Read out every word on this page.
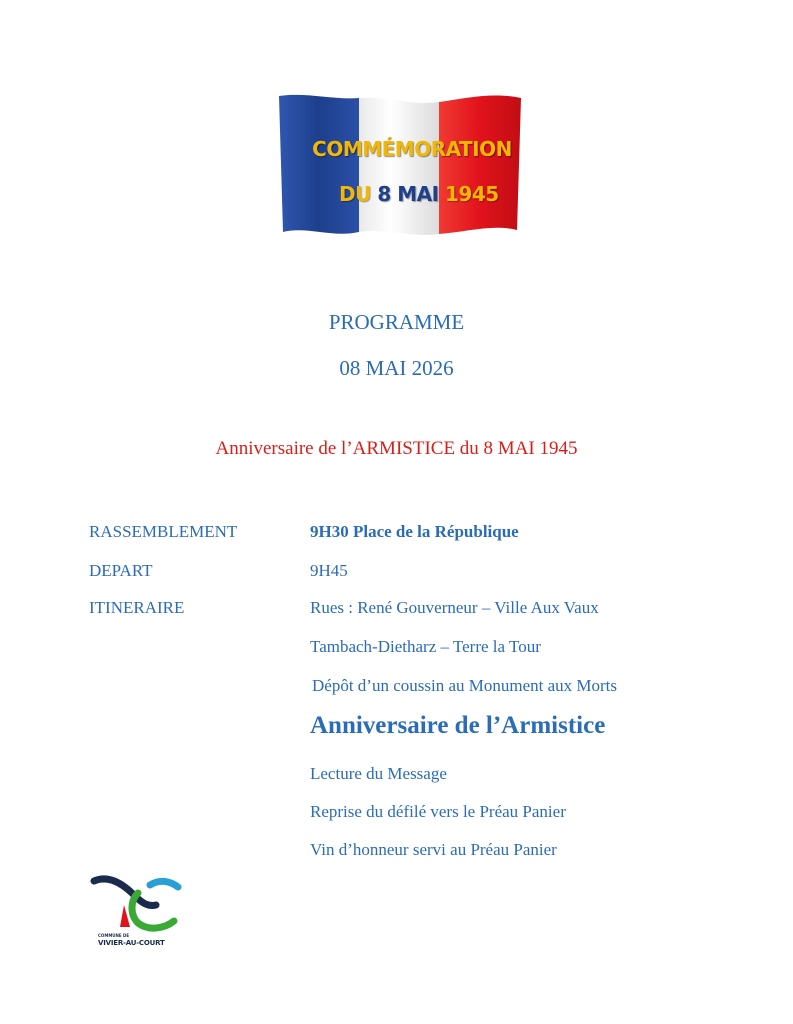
COMMÉMORATION
DU 8 MAI 1945
PROGRAMME
08 MAI 2026
Anniversaire de l’ARMISTICE du 8 MAI 1945
RASSEMBLEMENT	9H30 Place de la République
DEPART	9H45
ITINERAIRE	Rues : René Gouverneur – Ville Aux Vaux
Tambach-Dietharz – Terre la Tour
Dépôt d’un coussin au Monument aux Morts
Anniversaire de l’Armistice
Lecture du Message
Reprise du défilé vers le Préau Panier
Vin d’honneur servi au Préau Panier
COMMUNE DE
VIVIER-AU-COURT
